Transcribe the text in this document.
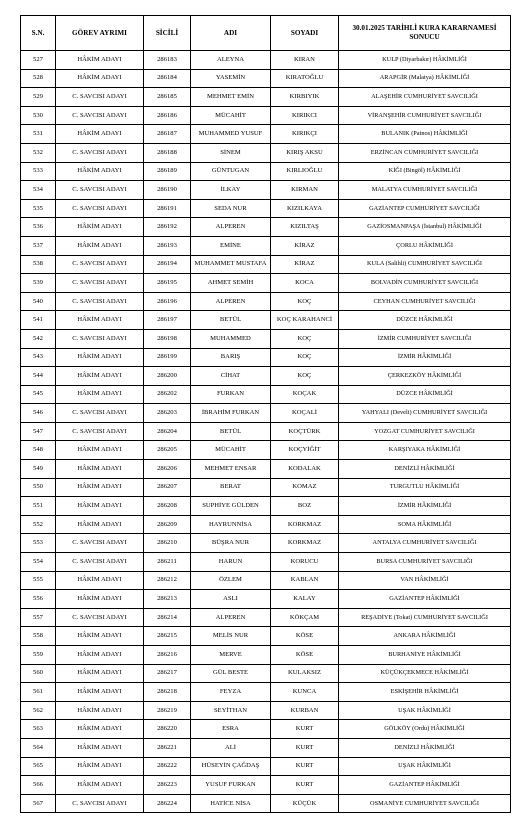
S.N.	GÖREV AYRIMI	SİCİLİ	ADI	SOYADI	30.01.2025 TARİHLİ KURA KARARNAMESİ SONUCU
527	HÂKİM ADAYI	286183	ALEYNA	KIRAN	KULP (Diyarbakır) HÂKİMLİĞİ
528	HÂKİM ADAYI	286184	YASEMİN	KIRATOĞLU	ARAPGİR (Malatya) HÂKİMLİĞİ
529	C. SAVCISI ADAYI	286185	MEHMET EMİN	KIRBIYIK	ALAŞEHİR CUMHURİYET SAVCILIĞI
530	C. SAVCISI ADAYI	286186	MÜCAHİT	KIRIKCI	VİRANŞEHİR CUMHURİYET SAVCILIĞI
531	HÂKİM ADAYI	286187	MUHAMMED YUSUF	KIRIKÇI	BULANIK (Patnos) HÂKİMLİĞİ
532	C. SAVCISI ADAYI	286188	SİNEM	KIRIŞ AKSU	ERZİNCAN CUMHURİYET SAVCILIĞI
533	HÂKİM ADAYI	286189	GÜNTUGAN	KIRLIOĞLU	KİĞI (Bingöl) HÂKİMLİĞİ
534	C. SAVCISI ADAYI	286190	İLKAY	KIRMAN	MALATYA CUMHURİYET SAVCILIĞI
535	C. SAVCISI ADAYI	286191	SEDA NUR	KIZILKAYA	GAZİANTEP CUMHURİYET SAVCILIĞI
536	HÂKİM ADAYI	286192	ALPEREN	KIZILTAŞ	GAZİOSMANPAŞA (İstanbul) HÂKİMLİĞİ
537	HÂKİM ADAYI	286193	EMİNE	KİRAZ	ÇORLU HÂKİMLİĞİ
538	C. SAVCISI ADAYI	286194	MUHAMMET MUSTAFA	KİRAZ	KULA (Salihli) CUMHURİYET SAVCILIĞI
539	C. SAVCISI ADAYI	286195	AHMET SEMİH	KOCA	BOLVADİN CUMHURİYET SAVCILIĞI
540	C. SAVCISI ADAYI	286196	ALPEREN	KOÇ	CEYHAN CUMHURİYET SAVCILIĞI
541	HÂKİM ADAYI	286197	BETÜL	KOÇ KARAHANCİ	DÜZCE HÂKİMLİĞİ
542	C. SAVCISI ADAYI	286198	MUHAMMED	KOÇ	İZMİR CUMHURİYET SAVCILIĞI
543	HÂKİM ADAYI	286199	BARIŞ	KOÇ	İZMİR HÂKİMLİĞİ
544	HÂKİM ADAYI	286200	CİHAT	KOÇ	ÇERKEZKÖY HÂKİMLİĞİ
545	HÂKİM ADAYI	286202	FURKAN	KOÇAK	DÜZCE HÂKİMLİĞİ
546	C. SAVCISI ADAYI	286203	İBRAHİM FURKAN	KOÇALİ	YAHYALI (Develi) CUMHURİYET SAVCILIĞI
547	C. SAVCISI ADAYI	286204	BETÜL	KOÇTÜRK	YOZGAT CUMHURİYET SAVCILIĞI
548	HÂKİM ADAYI	286205	MÜCAHİT	KOÇYİĞİT	KARŞIYAKA HÂKİMLİĞİ
549	HÂKİM ADAYI	286206	MEHMET ENSAR	KODALAK	DENİZLİ HÂKİMLİĞİ
550	HÂKİM ADAYI	286207	BERAT	KOMAZ	TURGUTLU HÂKİMLİĞİ
551	HÂKİM ADAYI	286208	SUPHİYE GÜLDEN	BOZ	İZMİR HÂKİMLİĞİ
552	HÂKİM ADAYI	286209	HAYRUNNİSA	KORKMAZ	SOMA HÂKİMLİĞİ
553	C. SAVCISI ADAYI	286210	BÜŞRA NUR	KORKMAZ	ANTALYA CUMHURİYET SAVCILIĞI
554	C. SAVCISI ADAYI	286211	HARUN	KORUCU	BURSA CUMHURİYET SAVCILIĞI
555	HÂKİM ADAYI	286212	ÖZLEM	KABLAN	VAN HÂKİMLİĞİ
556	HÂKİM ADAYI	286213	ASLI	KALAY	GAZİANTEP HÂKİMLİĞİ
557	C. SAVCISI ADAYI	286214	ALPEREN	KÖKÇAM	REŞADİYE (Tokat) CUMHURİYET SAVCILIĞI
558	HÂKİM ADAYI	286215	MELİS NUR	KÖSE	ANKARA HÂKİMLİĞİ
559	HÂKİM ADAYI	286216	MERVE	KÖSE	BURHANİYE HÂKİMLİĞİ
560	HÂKİM ADAYI	286217	GÜL BESTE	KULAKSIZ	KÜÇÜKÇEKMECE HÂKİMLİĞİ
561	HÂKİM ADAYI	286218	FEYZA	KUNCA	ESKİŞEHİR HÂKİMLİĞİ
562	HÂKİM ADAYI	286219	SEYİTHAN	KURBAN	UŞAK HÂKİMLİĞİ
563	HÂKİM ADAYI	286220	ESRA	KURT	GÖLKÖY (Ordu) HÂKİMLİĞİ
564	HÂKİM ADAYI	286221	ALİ	KURT	DENİZLİ HÂKİMLİĞİ
565	HÂKİM ADAYI	286222	HÜSEYİN ÇAĞDAŞ	KURT	UŞAK HÂKİMLİĞİ
566	HÂKİM ADAYI	286223	YUSUF FURKAN	KURT	GAZİANTEP HÂKİMLİĞİ
567	C. SAVCISI ADAYI	286224	HATİCE NİSA	KÜÇÜK	OSMANİYE CUMHURİYET SAVCILIĞI
